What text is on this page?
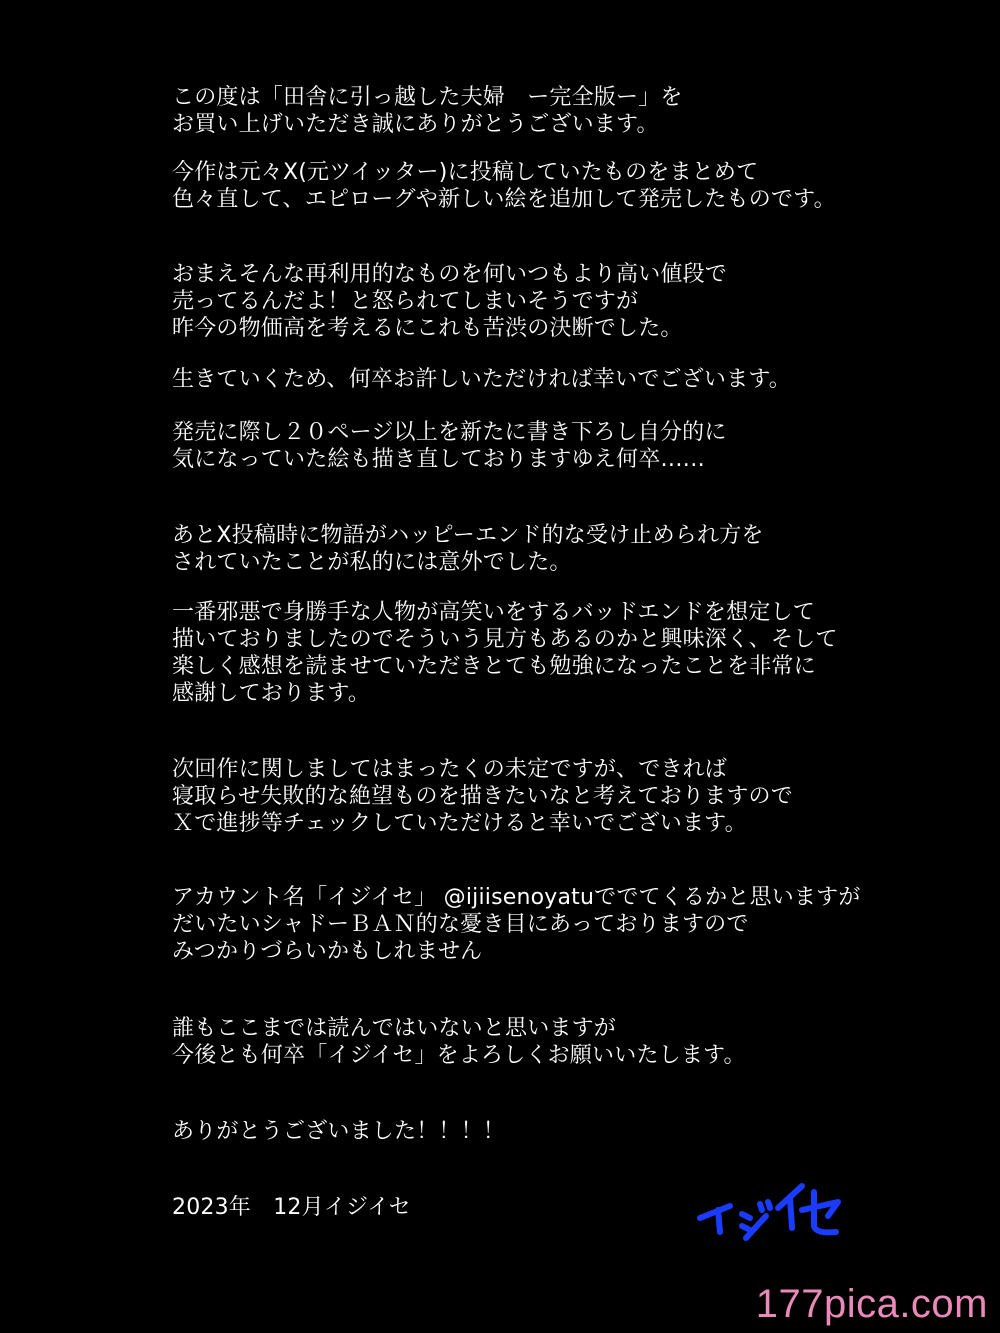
この度は「田舎に引っ越した夫婦　ー完全版ー」を
お買い上げいただき誠にありがとうございます。
今作は元々X(元ツイッター)に投稿していたものをまとめて
色々直して、エピローグや新しい絵を追加して発売したものです。
おまえそんな再利用的なものを何いつもより高い値段で
売ってるんだよ！と怒られてしまいそうですが
昨今の物価高を考えるにこれも苦渋の決断でした。
生きていくため、何卒お許しいただければ幸いでございます。
発売に際し２０ページ以上を新たに書き下ろし自分的に
気になっていた絵も描き直しておりますゆえ何卒‥‥‥
あとX投稿時に物語がハッピーエンド的な受け止められ方を
されていたことが私的には意外でした。
一番邪悪で身勝手な人物が高笑いをするバッドエンドを想定して
描いておりましたのでそういう見方もあるのかと興味深く、そして
楽しく感想を読ませていただきとても勉強になったことを非常に
感謝しております。
次回作に関しましてはまったくの未定ですが、できれば
寝取らせ失敗的な絶望ものを描きたいなと考えておりますので
Ｘで進捗等チェックしていただけると幸いでございます。
アカウント名「イジイセ」 @ijiisenoyatuででてくるかと思いますが
だいたいシャドーＢＡＮ的な憂き目にあっておりますので
みつかりづらいかもしれません
誰もここまでは読んではいないと思いますが
今後とも何卒「イジイセ」をよろしくお願いいたします。
ありがとうございました！！！！
2023年　12月イジイセ
177pica.com
